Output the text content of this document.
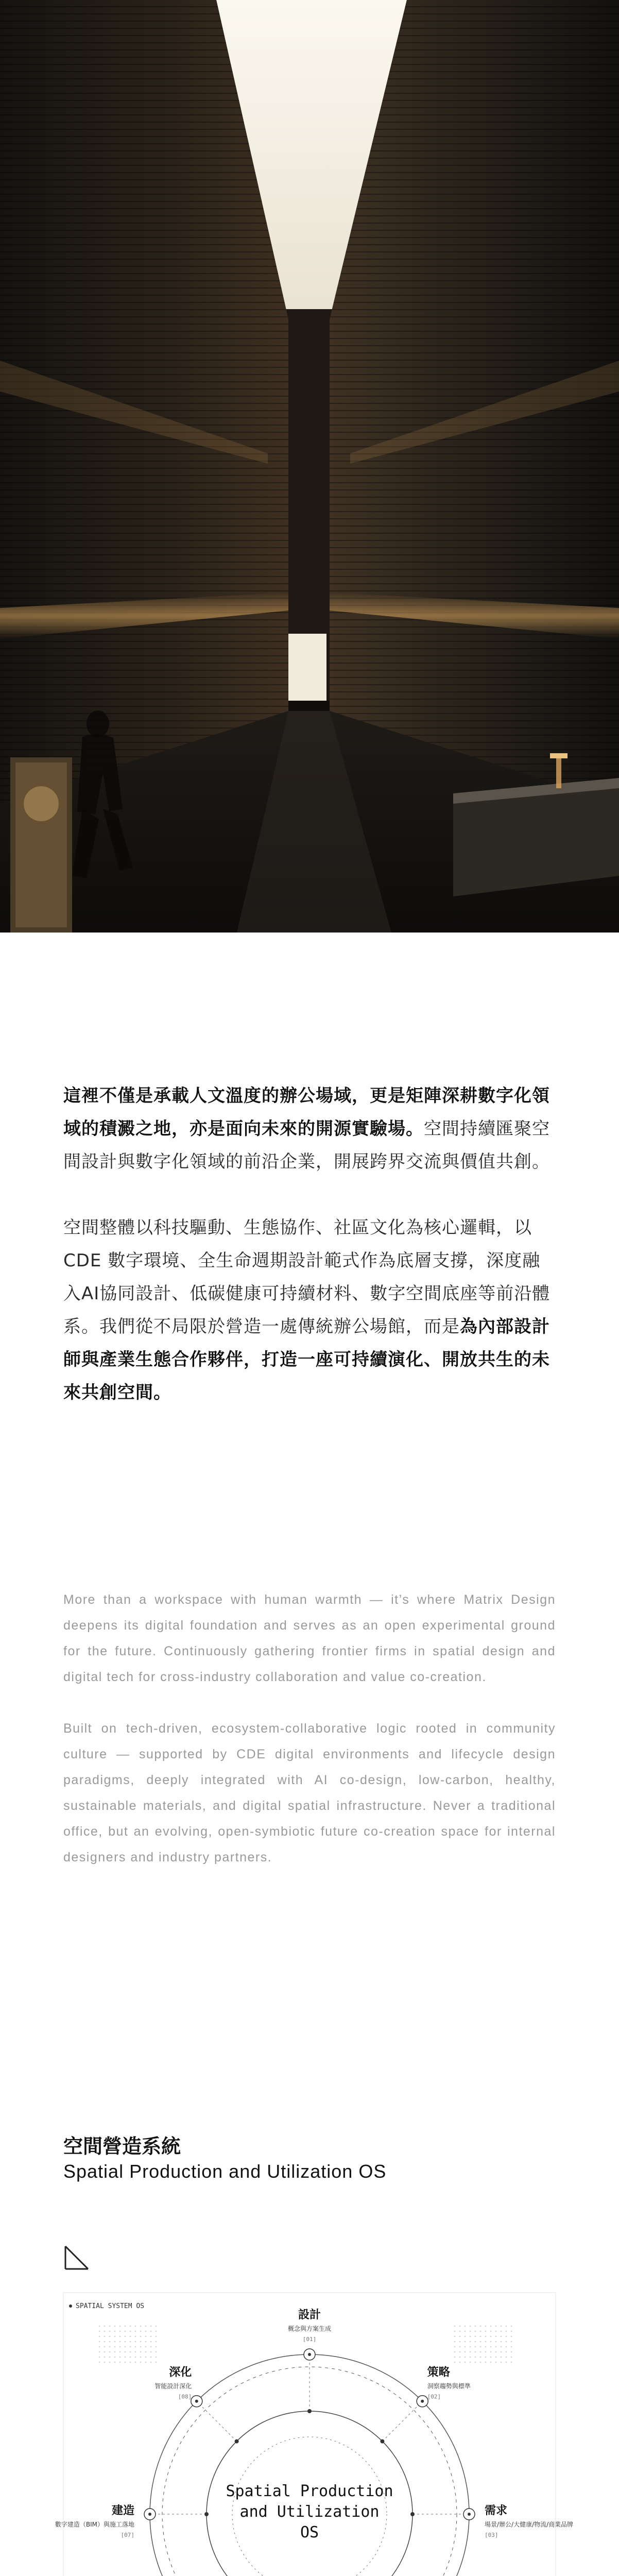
這裡不僅是承載人文溫度的辦公場域，更是矩陣深耕數字化領域的積澱之地，亦是面向未來的開源實驗場。空間持續匯聚空間設計與數字化領域的前沿企業，開展跨界交流與價值共創。

空間整體以科技驅動、生態協作、社區文化為核心邏輯，以 CDE 數字環境、全生命週期設計範式作為底層支撐，深度融入AI協同設計、低碳健康可持續材料、數字空間底座等前沿體系。我們從不局限於營造一處傳統辦公場館，而是為內部設計師與產業生態合作夥伴，打造一座可持續演化、開放共生的未來共創空間。

More than a workspace with human warmth — it’s where Matrix Design deepens its digital foundation and serves as an open experimental ground for the future. Continuously gathering frontier firms in spatial design and digital tech for cross-industry collaboration and value co-creation.

Built on tech-driven, ecosystem-collaborative logic rooted in community culture — supported by CDE digital environments and lifecycle design paradigms, deeply integrated with AI co-design, low-carbon, healthy, sustainable materials, and digital spatial infrastructure. Never a traditional office, but an evolving, open-symbiotic future co-creation space for internal designers and industry partners.

空間營造系統

Spatial Production and Utilization OS

SPATIAL SYSTEM OS
設計
概念與方案生成
[01]
策略
洞察趨勢與標準
[02]
需求
場景/辦公/大健康/物流/商業品牌
[03]
建造
數字建造（BIM）與施工落地
[07]
深化
智能設計深化
[08]
Spatial Production
and Utilization
OS
